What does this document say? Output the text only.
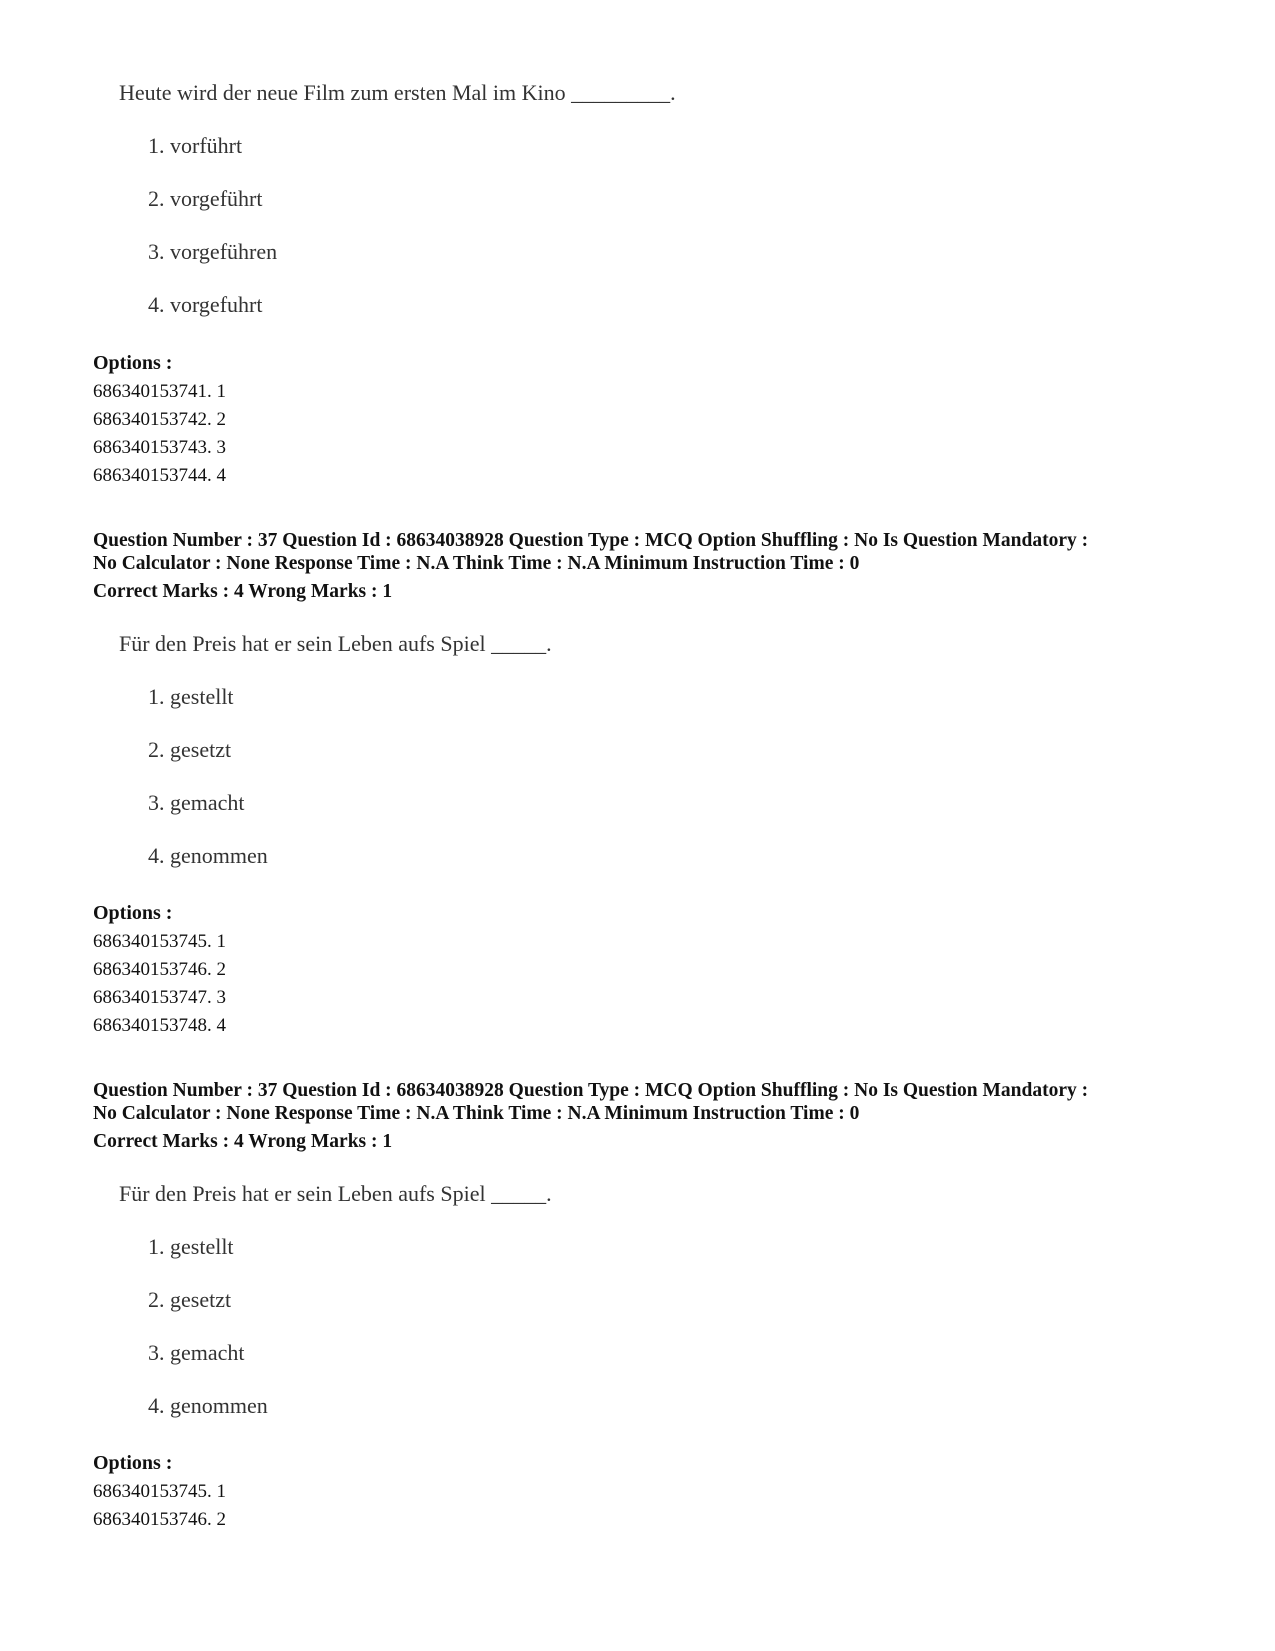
Heute wird der neue Film zum ersten Mal im Kino _________.
1. vorführt
2. vorgeführt
3. vorgeführen
4. vorgefuhrt
Options :
686340153741. 1
686340153742. 2
686340153743. 3
686340153744. 4
Question Number : 37 Question Id : 68634038928 Question Type : MCQ Option Shuffling : No Is Question Mandatory :
No Calculator : None Response Time : N.A Think Time : N.A Minimum Instruction Time : 0
Correct Marks : 4 Wrong Marks : 1
Für den Preis hat er sein Leben aufs Spiel _____.
1. gestellt
2. gesetzt
3. gemacht
4. genommen
Options :
686340153745. 1
686340153746. 2
686340153747. 3
686340153748. 4
Question Number : 37 Question Id : 68634038928 Question Type : MCQ Option Shuffling : No Is Question Mandatory :
No Calculator : None Response Time : N.A Think Time : N.A Minimum Instruction Time : 0
Correct Marks : 4 Wrong Marks : 1
Für den Preis hat er sein Leben aufs Spiel _____.
1. gestellt
2. gesetzt
3. gemacht
4. genommen
Options :
686340153745. 1
686340153746. 2
